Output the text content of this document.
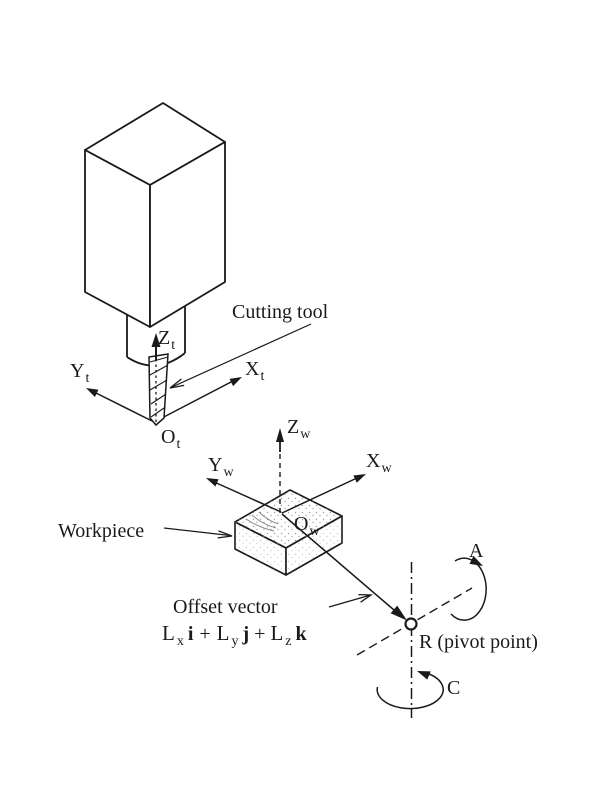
Cutting tool
$Z_t$
$Y_t$	$X_t$
$O_t$
$Z_w$
$Y_w$
$X_w$
$O_w$
Workpiece
Offset vector
L $_x$ i + L $_y$ j + L $_z$ k	R (pivot point)
A
C
